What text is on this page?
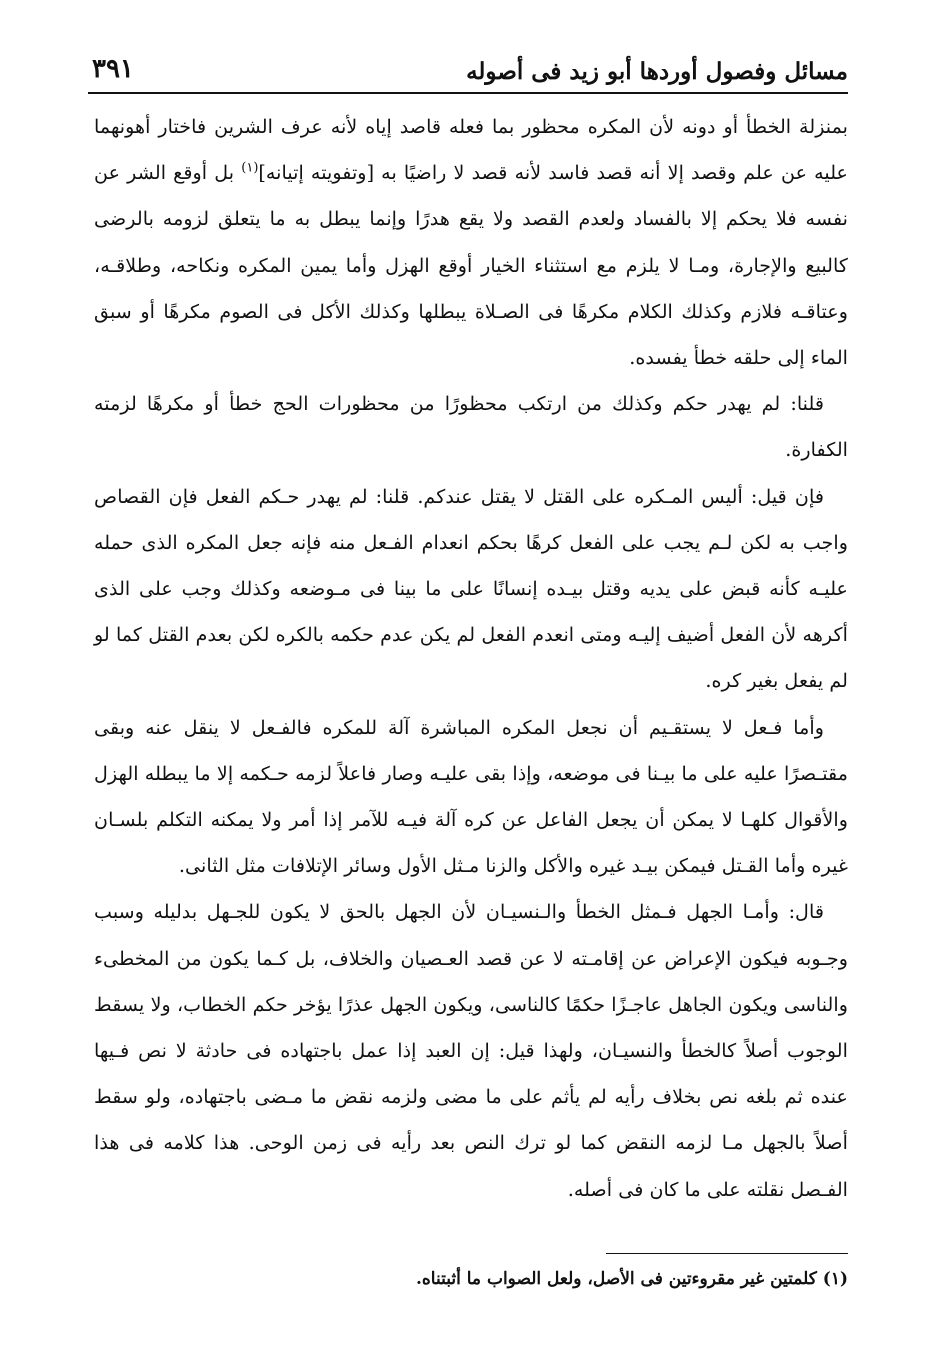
مسائل وفصول أوردها أبو زيد فى أصوله
٣٩١

بمنزلة الخطأ أو دونه لأن المكره محظور بما فعله قاصد إياه لأنه عرف الشرين فاختار أهونهما عليه عن علم وقصد إلا أنه قصد فاسد لأنه قصد لا راضيًا به [وتفويته إتيانه]$^{(١)}$ بل أوقع الشر عن نفسه فلا يحكم إلا بالفساد ولعدم القصد ولا يقع هدرًا وإنما يبطل به ما يتعلق لزومه بالرضى كالبيع والإجارة، ومـا لا يلزم مع استثناء الخيار أوقع الهزل وأما يمين المكره ونكاحه، وطلاقـه، وعتاقـه فلازم وكذلك الكلام مكرهًا فى الصـلاة يبطلها وكذلك الأكل فى الصوم مكرهًا أو سبق الماء إلى حلقه خطأ يفسده.

قلنا: لم يهدر حكم وكذلك من ارتكب محظورًا من محظورات الحج خطأ أو مكرهًا لزمته الكفارة.

فإن قيل: أليس المـكره على القتل لا يقتل عندكم. قلنا: لم يهدر حـكم الفعل فإن القصاص واجب به لكن لـم يجب على الفعل كرهًا بحكم انعدام الفـعل منه فإنه جعل المكره الذى حمله عليـه كأنه قبض على يديه وقتل بيـده إنسانًا على ما بينا فى مـوضعه وكذلك وجب على الذى أكرهه لأن الفعل أضيف إليـه ومتى انعدم الفعل لم يكن عدم حكمه بالكره لكن بعدم القتل كما لو لم يفعل بغير كره.

وأما فـعل لا يستقـيم أن نجعل المكره المباشرة آلة للمكره فالفـعل لا ينقل عنه وبقى مقتـصرًا عليه على ما بيـنا فى موضعه، وإذا بقى عليـه وصار فاعلاً لزمه حـكمه إلا ما يبطله الهزل والأقوال كلهـا لا يمكن أن يجعل الفاعل عن كره آلة فيـه للآمر إذا أمر ولا يمكنه التكلم بلسـان غيره وأما القـتل فيمكن بيـد غيره والأكل والزنا مـثل الأول وسائر الإتلافات مثل الثانى.

قال: وأمـا الجهل فـمثل الخطأ والـنسيـان لأن الجهل بالحق لا يكون للجـهل بدليله وسبب وجـوبه فيكون الإعراض عن إقامـته لا عن قصد العـصيان والخلاف، بل كـما يكون من المخطىء والناسى ويكون الجاهل عاجـزًا حكمًا كالناسى، ويكون الجهل عذرًا يؤخر حكم الخطاب، ولا يسقط الوجوب أصلاً كالخطأ والنسيـان، ولهذا قيل: إن العبد إذا عمل باجتهاده فى حادثة لا نص فـيها عنده ثم بلغه نص بخلاف رأيه لم يأثم على ما مضى ولزمه نقض ما مـضى باجتهاده، ولو سقط أصلاً بالجهل مـا لزمه النقض كما لو ترك النص بعد رأيه فى زمن الوحى. هذا كلامه فى هذا الفـصل نقلته على ما كان فى أصله.

(١) كلمتين غير مقروءتين فى الأصل، ولعل الصواب ما أثبتناه.
